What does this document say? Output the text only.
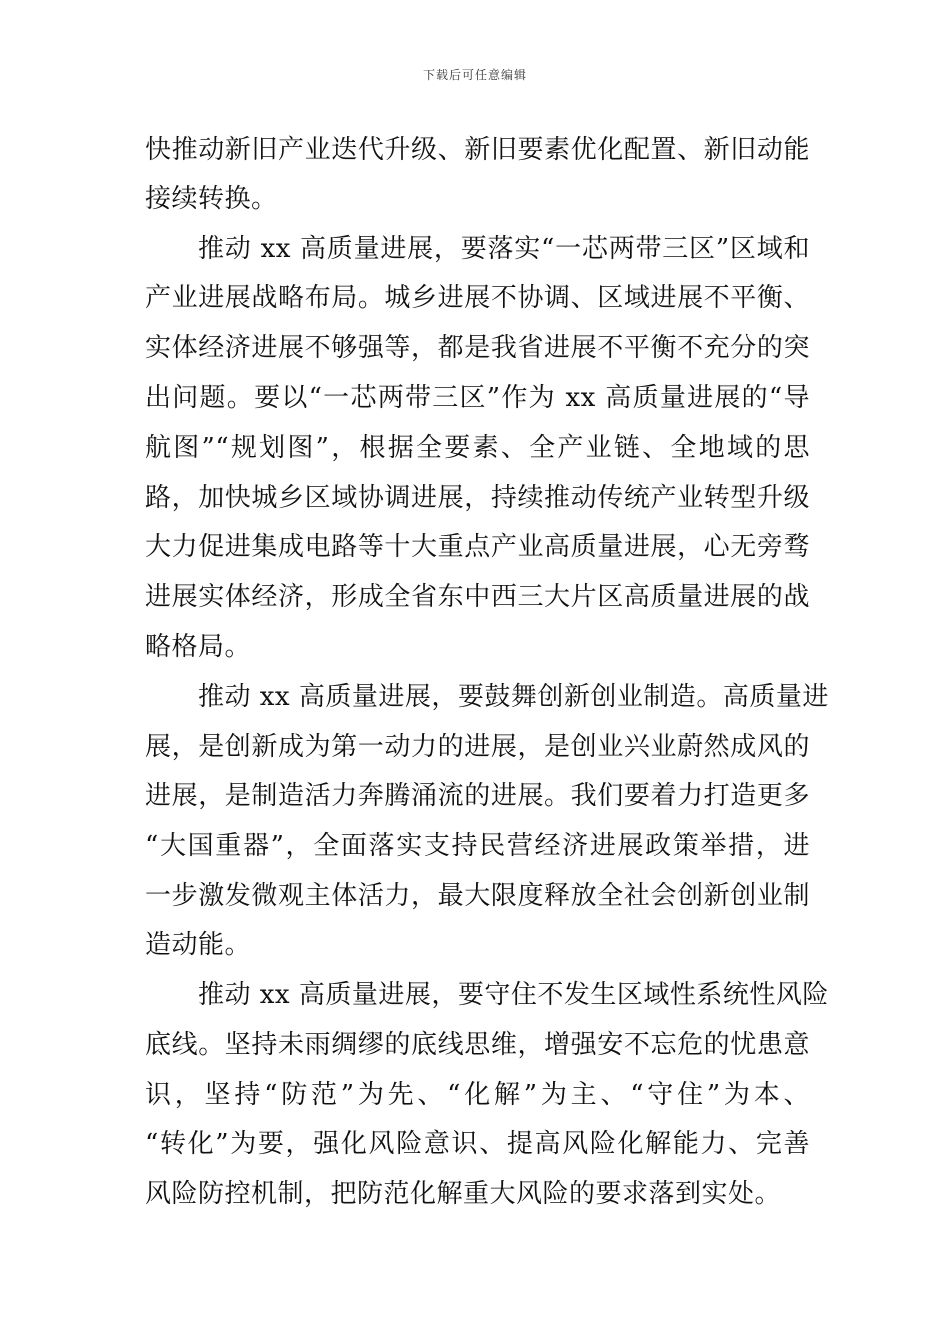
下载后可任意编辑
快推动新旧产业迭代升级、新旧要素优化配置、新旧动能
接续转换。
推动 xx 高质量进展，要落实“一芯两带三区”区域和
产业进展战略布局。城乡进展不协调、区域进展不平衡、
实体经济进展不够强等，都是我省进展不平衡不充分的突
出问题。要以“一芯两带三区”作为 xx 高质量进展的“导
航图”“规划图”，根据全要素、全产业链、全地域的思
路，加快城乡区域协调进展，持续推动传统产业转型升级
大力促进集成电路等十大重点产业高质量进展，心无旁骛
进展实体经济，形成全省东中西三大片区高质量进展的战
略格局。
推动 xx 高质量进展，要鼓舞创新创业制造。高质量进
展，是创新成为第一动力的进展，是创业兴业蔚然成风的
进展，是制造活力奔腾涌流的进展。我们要着力打造更多
“大国重器”，全面落实支持民营经济进展政策举措，进
一步激发微观主体活力，最大限度释放全社会创新创业制
造动能。
推动 xx 高质量进展，要守住不发生区域性系统性风险
底线。坚持未雨绸缪的底线思维，增强安不忘危的忧患意
识，坚持“防范”为先、“化解”为主、“守住”为本、
“转化”为要，强化风险意识、提高风险化解能力、完善
风险防控机制，把防范化解重大风险的要求落到实处。
